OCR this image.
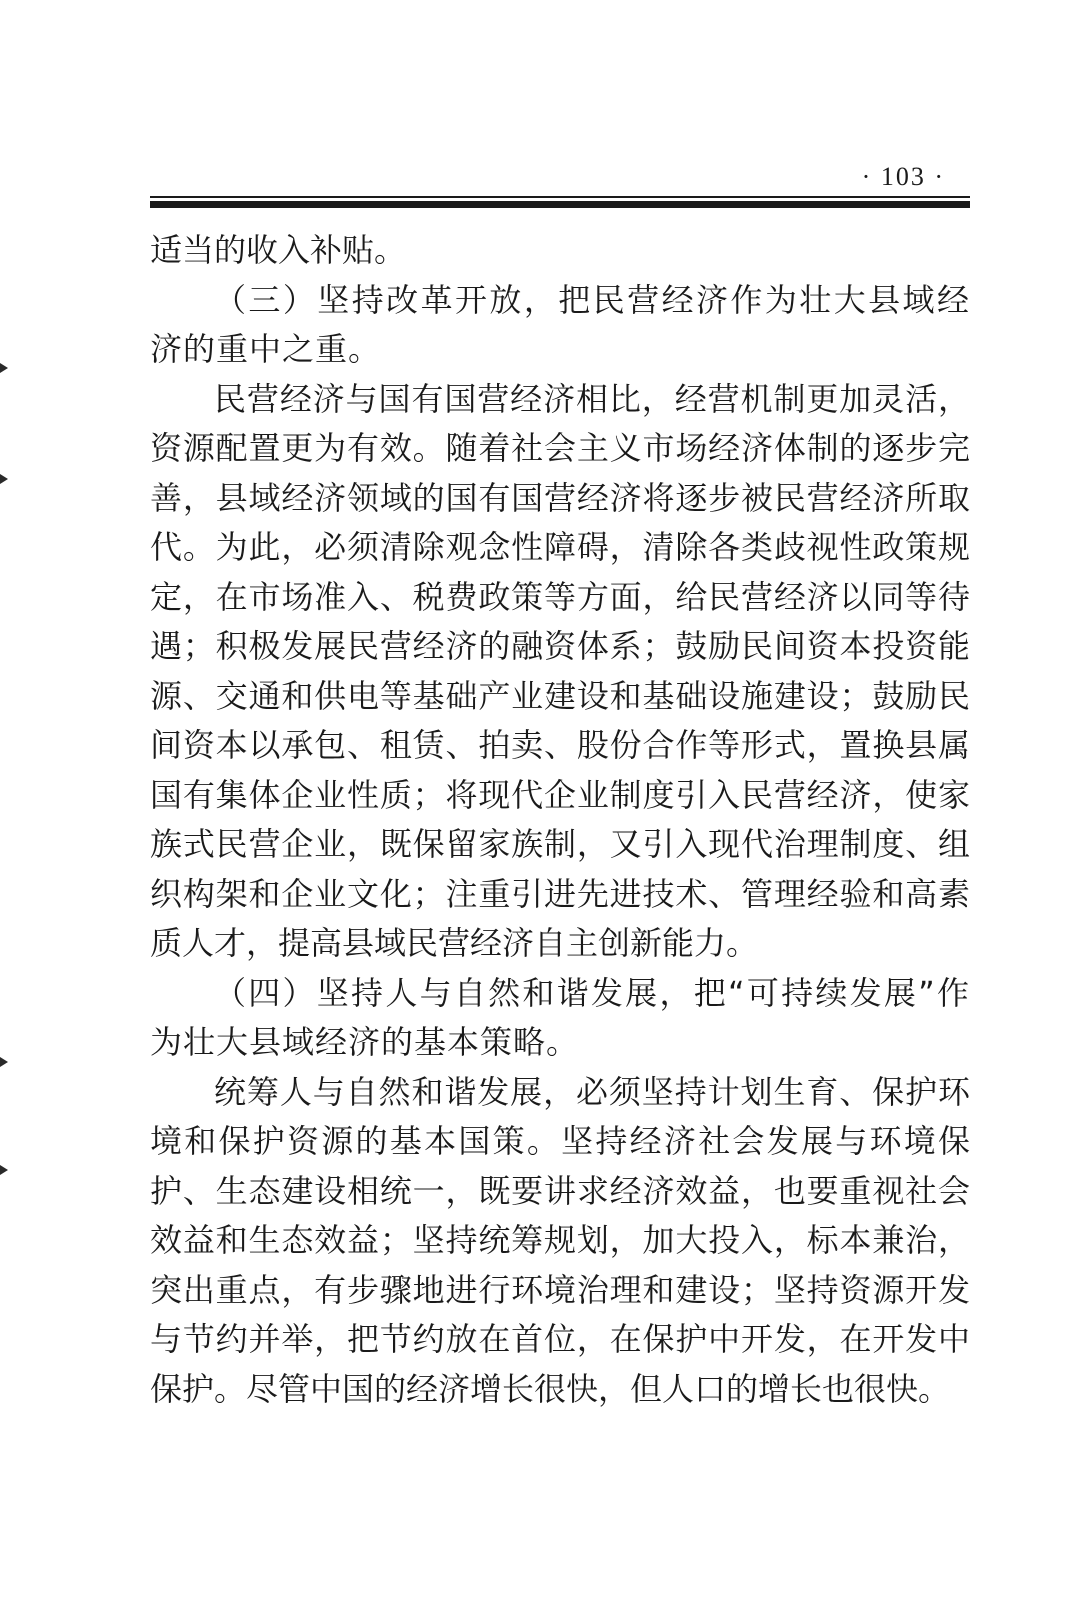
· 103 ·

适当的收入补贴。

（三）坚持改革开放，把民营经济作为壮大县域经济的重中之重。

民营经济与国有国营经济相比，经营机制更加灵活，资源配置更为有效。随着社会主义市场经济体制的逐步完善，县域经济领域的国有国营经济将逐步被民营经济所取代。为此，必须清除观念性障碍，清除各类歧视性政策规定，在市场准入、税费政策等方面，给民营经济以同等待遇；积极发展民营经济的融资体系；鼓励民间资本投资能源、交通和供电等基础产业建设和基础设施建设；鼓励民间资本以承包、租赁、拍卖、股份合作等形式，置换县属国有集体企业性质；将现代企业制度引入民营经济，使家族式民营企业，既保留家族制，又引入现代治理制度、组织构架和企业文化；注重引进先进技术、管理经验和高素质人才，提高县域民营经济自主创新能力。

（四）坚持人与自然和谐发展，把“可持续发展”作为壮大县域经济的基本策略。

统筹人与自然和谐发展，必须坚持计划生育、保护环境和保护资源的基本国策。坚持经济社会发展与环境保护、生态建设相统一，既要讲求经济效益，也要重视社会效益和生态效益；坚持统筹规划，加大投入，标本兼治，突出重点，有步骤地进行环境治理和建设；坚持资源开发与节约并举，把节约放在首位，在保护中开发，在开发中保护。尽管中国的经济增长很快，但人口的增长也很快。
